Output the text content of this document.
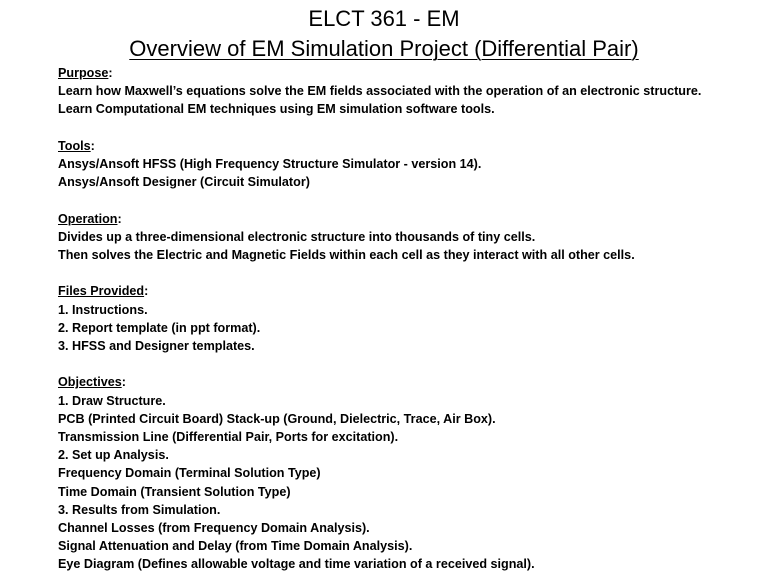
ELCT 361 - EM
Overview of EM Simulation Project (Differential Pair)
Purpose:
Learn how Maxwell’s equations solve the EM fields associated with the operation of an electronic structure.
Learn Computational EM techniques using EM simulation software tools.
Tools:
Ansys/Ansoft HFSS (High Frequency Structure Simulator - version 14).
Ansys/Ansoft Designer (Circuit Simulator)
Operation:
Divides up a three-dimensional electronic structure into thousands of tiny cells.
Then solves the Electric and Magnetic Fields within each cell as they interact with all other cells.
Files Provided:
1. Instructions.
2. Report template (in ppt format).
3. HFSS and Designer templates.
Objectives:
1. Draw Structure.
PCB (Printed Circuit Board) Stack-up (Ground, Dielectric, Trace, Air Box).
Transmission Line (Differential Pair, Ports for excitation).
2. Set up Analysis.
Frequency Domain (Terminal Solution Type)
Time Domain (Transient Solution Type)
3. Results from Simulation.
Channel Losses (from Frequency Domain Analysis).
Signal Attenuation and Delay (from Time Domain Analysis).
Eye Diagram (Defines allowable voltage and time variation of a received signal).
